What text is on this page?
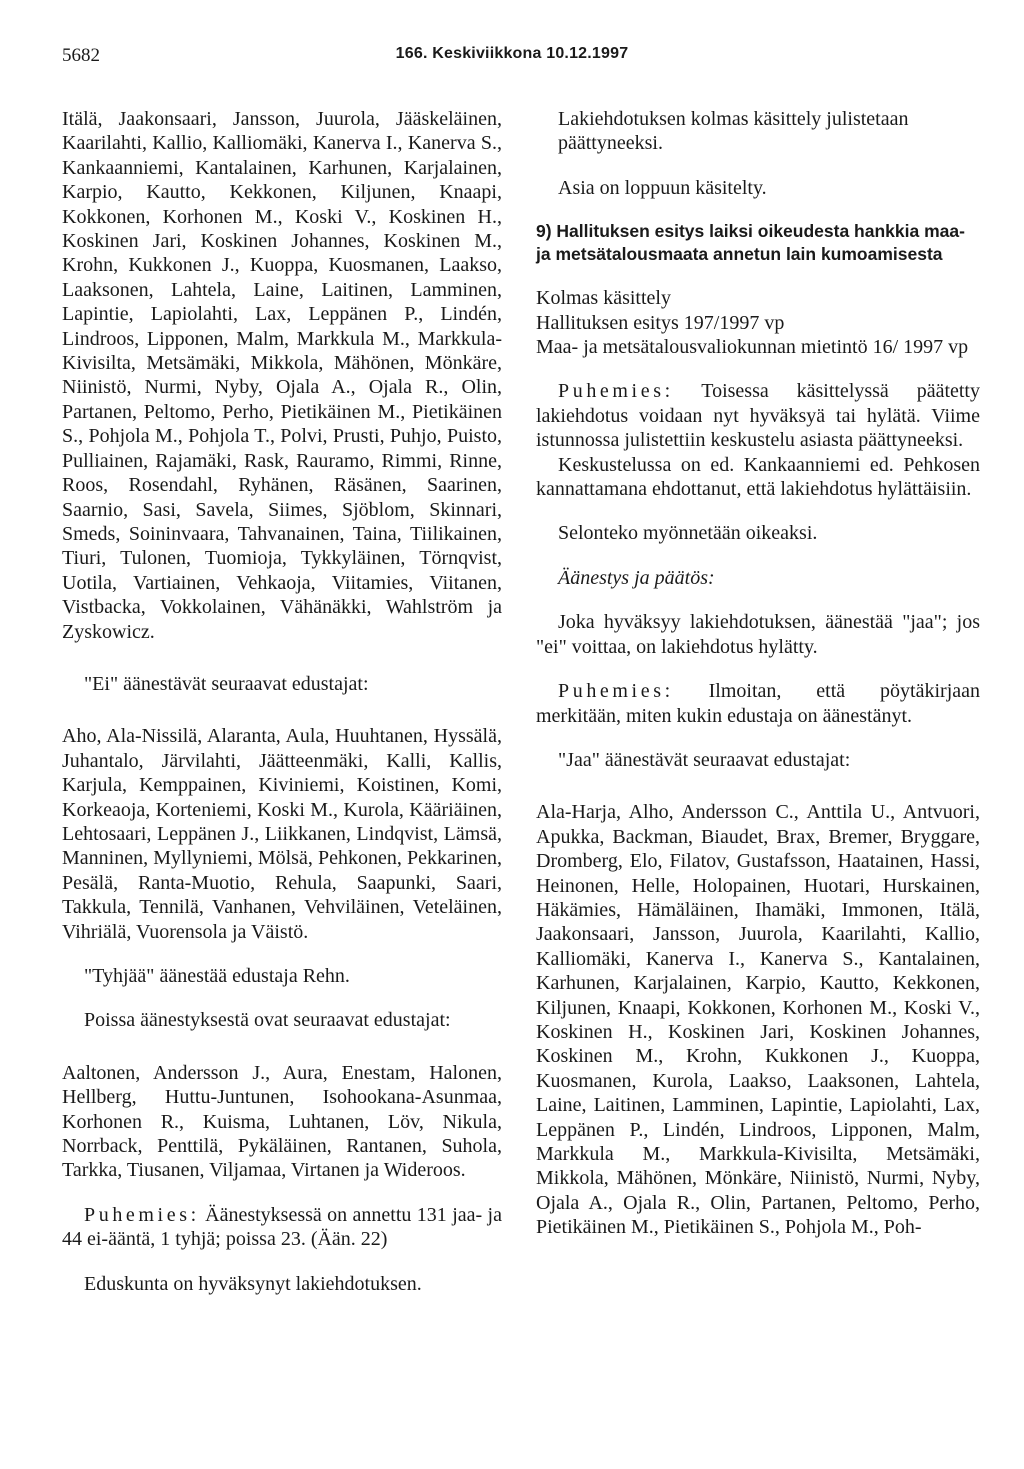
5682	166. Keskiviikkona 10.12.1997

Itälä, Jaakonsaari, Jansson, Juurola, Jääskeläinen, Kaarilahti, Kallio, Kalliomäki, Kanerva I., Kanerva S., Kankaanniemi, Kantalainen, Karhunen, Karjalainen, Karpio, Kautto, Kekkonen, Kiljunen, Knaapi, Kokkonen, Korhonen M., Koski V., Koskinen H., Koskinen Jari, Koskinen Johannes, Koskinen M., Krohn, Kukkonen J., Kuoppa, Kuosmanen, Laakso, Laaksonen, Lahtela, Laine, Laitinen, Lamminen, Lapintie, Lapiolahti, Lax, Leppänen P., Lindén, Lindroos, Lipponen, Malm, Markkula M., Markkula-Kivisilta, Metsämäki, Mikkola, Mähönen, Mönkäre, Niinistö, Nurmi, Nyby, Ojala A., Ojala R., Olin, Partanen, Peltomo, Perho, Pietikäinen M., Pietikäinen S., Pohjola M., Pohjola T., Polvi, Prusti, Puhjo, Puisto, Pulliainen, Rajamäki, Rask, Rauramo, Rimmi, Rinne, Roos, Rosendahl, Ryhänen, Räsänen, Saarinen, Saarnio, Sasi, Savela, Siimes, Sjöblom, Skinnari, Smeds, Soininvaara, Tahvanainen, Taina, Tiilikainen, Tiuri, Tulonen, Tuomioja, Tykkyläinen, Törnqvist, Uotila, Vartiainen, Vehkaoja, Viitamies, Viitanen, Vistbacka, Vokkolainen, Vähänäkki, Wahlström ja Zyskowicz.

"Ei" äänestävät seuraavat edustajat:

Aho, Ala-Nissilä, Alaranta, Aula, Huuhtanen, Hyssälä, Juhantalo, Järvilahti, Jäätteenmäki, Kalli, Kallis, Karjula, Kemppainen, Kiviniemi, Koistinen, Komi, Korkeaoja, Korteniemi, Koski M., Kurola, Kääriäinen, Lehtosaari, Leppänen J., Liikkanen, Lindqvist, Lämsä, Manninen, Myllyniemi, Mölsä, Pehkonen, Pekkarinen, Pesälä, Ranta-Muotio, Rehula, Saapunki, Saari, Takkula, Tennilä, Vanhanen, Vehviläinen, Veteläinen, Vihriälä, Vuorensola ja Väistö.

"Tyhjää" äänestää edustaja Rehn.

Poissa äänestyksestä ovat seuraavat edustajat:

Aaltonen, Andersson J., Aura, Enestam, Halonen, Hellberg, Huttu-Juntunen, Isohookana-Asunmaa, Korhonen R., Kuisma, Luhtanen, Löv, Nikula, Norrback, Penttilä, Pykäläinen, Rantanen, Suhola, Tarkka, Tiusanen, Viljamaa, Virtanen ja Wideroos.

Puhemies: Äänestyksessä on annettu 131 jaa- ja 44 ei-ääntä, 1 tyhjä; poissa 23. (Ään. 22)

Eduskunta on hyväksynyt lakiehdotuksen.

Lakiehdotuksen kolmas käsittely julistetaan päättyneeksi.

Asia on loppuun käsitelty.

9) Hallituksen esitys laiksi oikeudesta hankkia maa- ja metsätalousmaata annetun lain kumoamisesta

Kolmas käsittely

Hallituksen esitys 197/1997 vp

Maa- ja metsätalousvaliokunnan mietintö 16/ 1997 vp

Puhemies: Toisessa käsittelyssä päätetty lakiehdotus voidaan nyt hyväksyä tai hylätä. Viime istunnossa julistettiin keskustelu asiasta päättyneeksi.

Keskustelussa on ed. Kankaanniemi ed. Pehkosen kannattamana ehdottanut, että lakiehdotus hylättäisiin.

Selonteko myönnetään oikeaksi.

Äänestys ja päätös:

Joka hyväksyy lakiehdotuksen, äänestää "jaa"; jos "ei" voittaa, on lakiehdotus hylätty.

Puhemies: Ilmoitan, että pöytäkirjaan merkitään, miten kukin edustaja on äänestänyt.

"Jaa" äänestävät seuraavat edustajat:

Ala-Harja, Alho, Andersson C., Anttila U., Antvuori, Apukka, Backman, Biaudet, Brax, Bremer, Bryggare, Dromberg, Elo, Filatov, Gustafsson, Haatainen, Hassi, Heinonen, Helle, Holopainen, Huotari, Hurskainen, Häkämies, Hämäläinen, Ihamäki, Immonen, Itälä, Jaakonsaari, Jansson, Juurola, Kaarilahti, Kallio, Kalliomäki, Kanerva I., Kanerva S., Kantalainen, Karhunen, Karjalainen, Karpio, Kautto, Kekkonen, Kiljunen, Knaapi, Kokkonen, Korhonen M., Koski V., Koskinen H., Koskinen Jari, Koskinen Johannes, Koskinen M., Krohn, Kukkonen J., Kuoppa, Kuosmanen, Kurola, Laakso, Laaksonen, Lahtela, Laine, Laitinen, Lamminen, Lapintie, Lapiolahti, Lax, Leppänen P., Lindén, Lindroos, Lipponen, Malm, Markkula M., Markkula-Kivisilta, Metsämäki, Mikkola, Mähönen, Mönkäre, Niinistö, Nurmi, Nyby, Ojala A., Ojala R., Olin, Partanen, Peltomo, Perho, Pietikäinen M., Pietikäinen S., Pohjola M., Poh-
